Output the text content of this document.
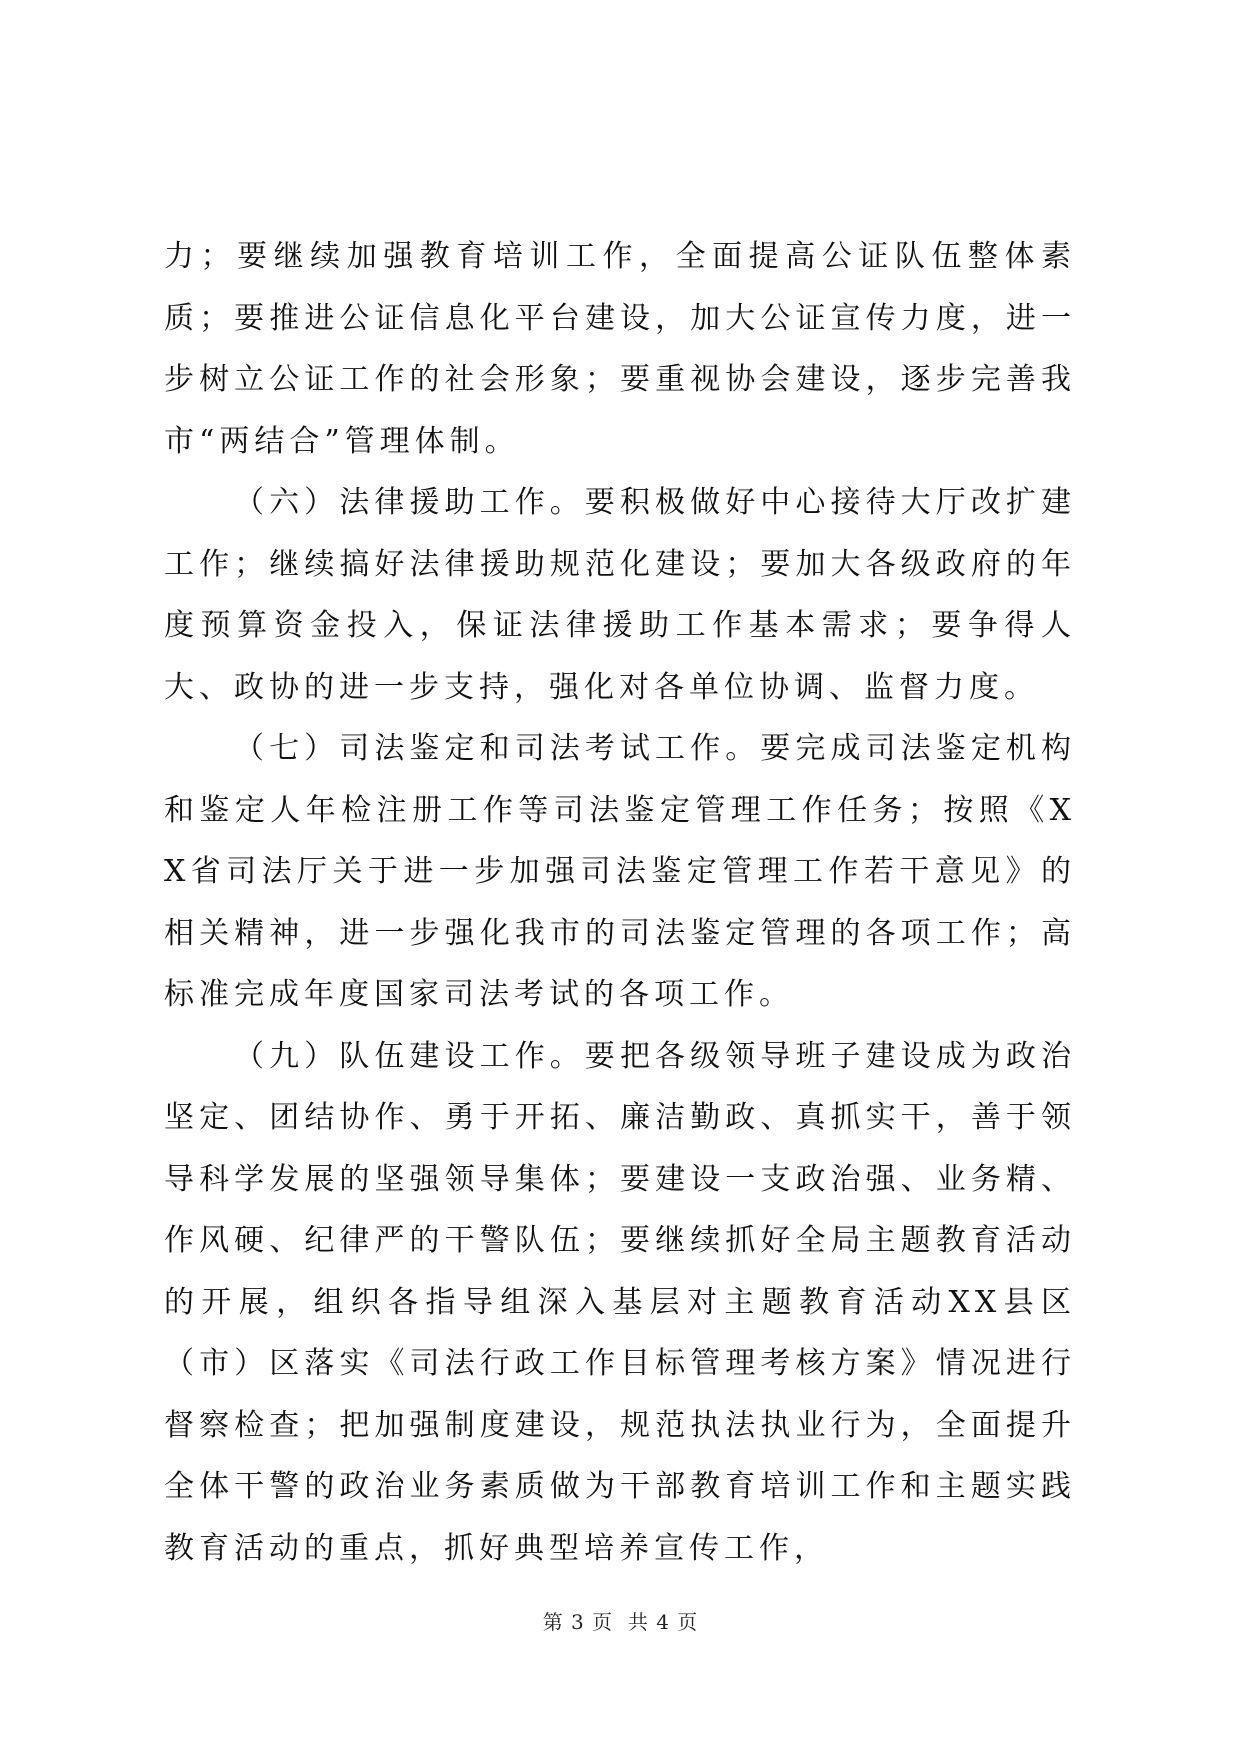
力；要继续加强教育培训工作，全面提高公证队伍整体素质；要推进公证信息化平台建设，加大公证宣传力度，进一步树立公证工作的社会形象；要重视协会建设，逐步完善我市“两结合”管理体制。

（六）法律援助工作。要积极做好中心接待大厅改扩建工作；继续搞好法律援助规范化建设；要加大各级政府的年度预算资金投入，保证法律援助工作基本需求；要争得人大、政协的进一步支持，强化对各单位协调、监督力度。

（七）司法鉴定和司法考试工作。要完成司法鉴定机构和鉴定人年检注册工作等司法鉴定管理工作任务；按照《XX省司法厅关于进一步加强司法鉴定管理工作若干意见》的相关精神，进一步强化我市的司法鉴定管理的各项工作；高标准完成年度国家司法考试的各项工作。

（九）队伍建设工作。要把各级领导班子建设成为政治坚定、团结协作、勇于开拓、廉洁勤政、真抓实干，善于领导科学发展的坚强领导集体；要建设一支政治强、业务精、作风硬、纪律严的干警队伍；要继续抓好全局主题教育活动的开展，组织各指导组深入基层对主题教育活动XX县区（市）区落实《司法行政工作目标管理考核方案》情况进行督察检查；把加强制度建设，规范执法执业行为，全面提升全体干警的政治业务素质做为干部教育培训工作和主题实践教育活动的重点，抓好典型培养宣传工作，

第 3 页  共 4 页
